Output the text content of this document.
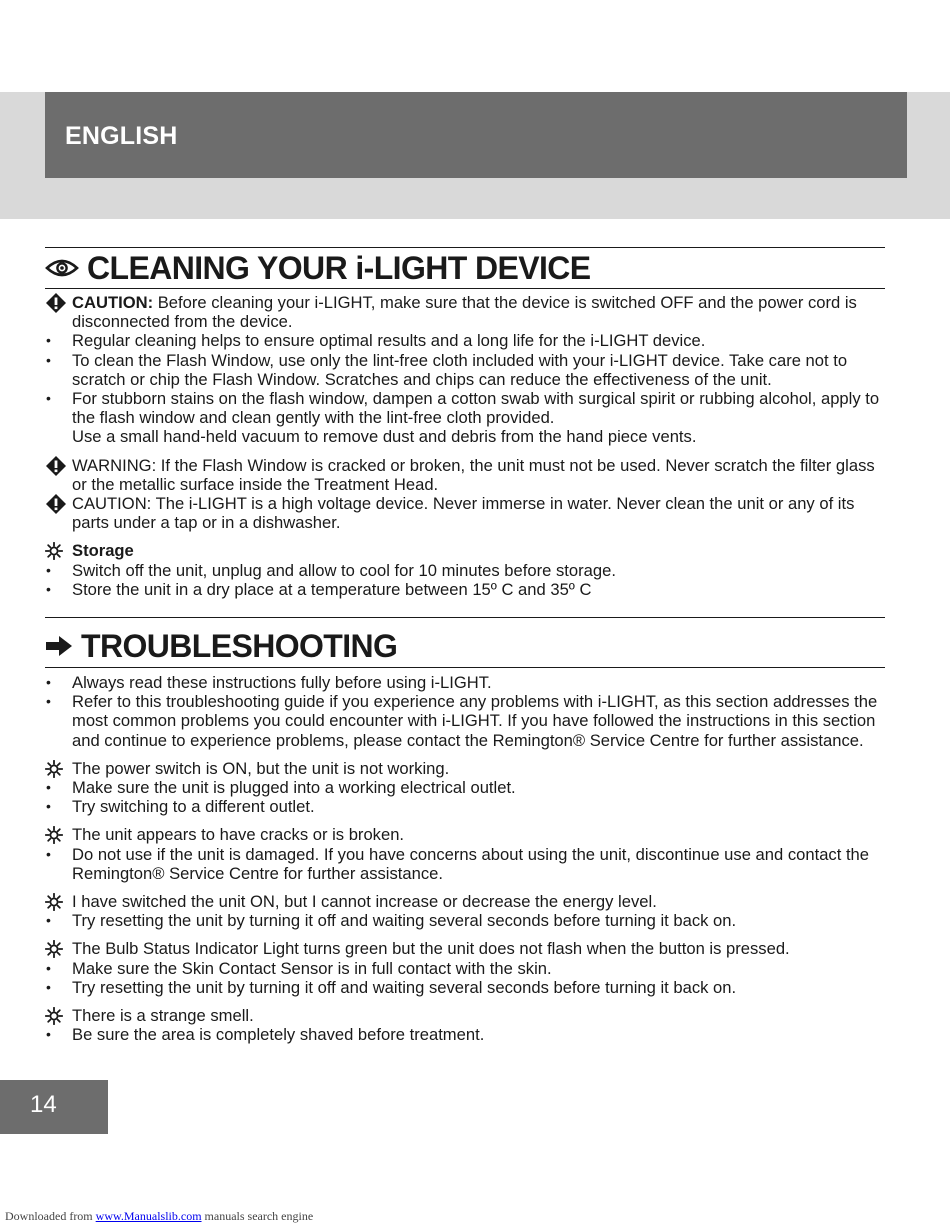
ENGLISH
CLEANING YOUR i-LIGHT DEVICE
CAUTION: Before cleaning your i-LIGHT, make sure that the device is switched OFF and the power cord is disconnected from the device.
• Regular cleaning helps to ensure optimal results and a long life for the i-LIGHT device.
• To clean the Flash Window, use only the lint-free cloth included with your i-LIGHT device. Take care not to scratch or chip the Flash Window. Scratches and chips can reduce the effectiveness of the unit.
• For stubborn stains on the flash window, dampen a cotton swab with surgical spirit or rubbing alcohol, apply to the flash window and clean gently with the lint-free cloth provided.
Use a small hand-held vacuum to remove dust and debris from the hand piece vents.
WARNING: If the Flash Window is cracked or broken, the unit must not be used. Never scratch the filter glass or the metallic surface inside the Treatment Head.
CAUTION: The i-LIGHT is a high voltage device. Never immerse in water. Never clean the unit or any of its parts under a tap or in a dishwasher.
Storage
• Switch off the unit, unplug and allow to cool for 10 minutes before storage.
• Store the unit in a dry place at a temperature between 15º C and 35º C
TROUBLESHOOTING
• Always read these instructions fully before using i-LIGHT.
• Refer to this troubleshooting guide if you experience any problems with i-LIGHT, as this section addresses the most common problems you could encounter with i-LIGHT. If you have followed the instructions in this section and continue to experience problems, please contact the Remington® Service Centre for further assistance.
The power switch is ON, but the unit is not working.
• Make sure the unit is plugged into a working electrical outlet.
• Try switching to a different outlet.
The unit appears to have cracks or is broken.
• Do not use if the unit is damaged. If you have concerns about using the unit, discontinue use and contact the Remington® Service Centre for further assistance.
I have switched the unit ON, but I cannot increase or decrease the energy level.
• Try resetting the unit by turning it off and waiting several seconds before turning it back on.
The Bulb Status Indicator Light turns green but the unit does not flash when the button is pressed.
• Make sure the Skin Contact Sensor is in full contact with the skin.
• Try resetting the unit by turning it off and waiting several seconds before turning it back on.
There is a strange smell.
• Be sure the area is completely shaved before treatment.
14
Downloaded from www.Manualslib.com manuals search engine
